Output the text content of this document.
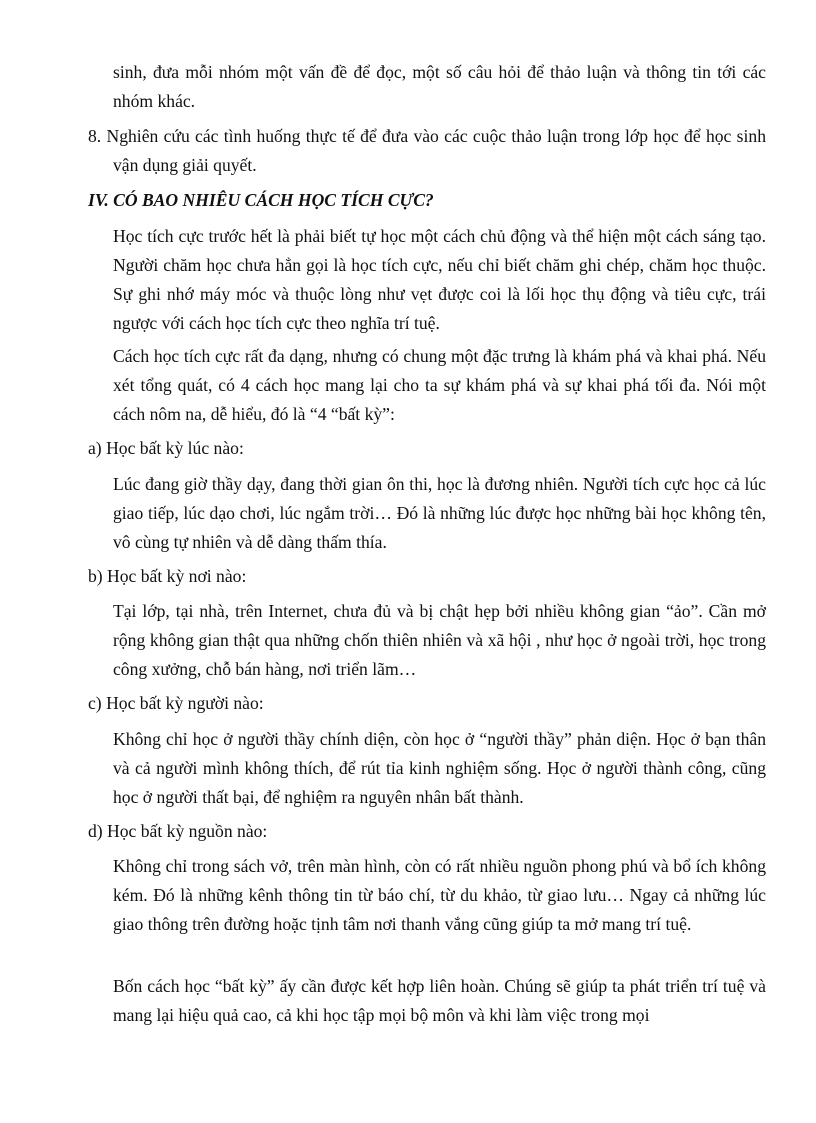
sinh, đưa mỗi nhóm một vấn đề để đọc, một số câu hỏi để thảo luận và thông tin tới các nhóm khác.

8. Nghiên cứu các tình huống thực tế để đưa vào các cuộc thảo luận trong lớp học để học sinh vận dụng giải quyết.

IV. CÓ BAO NHIÊU CÁCH HỌC TÍCH CỰC?

Học tích cực trước hết là phải biết tự học một cách chủ động và thể hiện một cách sáng tạo. Người chăm học chưa hẳn gọi là học tích cực, nếu chỉ biết chăm ghi chép, chăm học thuộc. Sự ghi nhớ máy móc và thuộc lòng như vẹt được coi là lối học thụ động và tiêu cực, trái ngược với cách học tích cực theo nghĩa trí tuệ.

Cách học tích cực rất đa dạng, nhưng có chung một đặc trưng là khám phá và khai phá. Nếu xét tổng quát, có 4 cách học mang lại cho ta sự khám phá và sự khai phá tối đa. Nói một cách nôm na, dễ hiểu, đó là “4 “bất kỳ”:

a) Học bất kỳ lúc nào:

Lúc đang giờ thầy dạy, đang thời gian ôn thi, học là đương nhiên. Người tích cực học cả lúc giao tiếp, lúc dạo chơi, lúc ngắm trời… Đó là những lúc được học những bài học không tên, vô cùng tự nhiên và dễ dàng thấm thía.

b) Học bất kỳ nơi nào:

Tại lớp, tại nhà, trên Internet, chưa đủ và bị chật hẹp bởi nhiều không gian “ảo”. Cần mở rộng không gian thật qua những chốn thiên nhiên và xã hội , như học ở ngoài trời, học trong công xưởng, chỗ bán hàng, nơi triển lãm…

c) Học bất kỳ người nào:

Không chỉ học ở người thầy chính diện, còn học ở “người thầy” phản diện. Học ở bạn thân và cả người mình không thích, để rút tỉa kinh nghiệm sống. Học ở người thành công, cũng học ở người thất bại, để nghiệm ra nguyên nhân bất thành.

d) Học bất kỳ nguồn nào:

Không chỉ trong sách vở, trên màn hình, còn có rất nhiều nguồn phong phú và bổ ích không kém. Đó là những kênh thông tin từ báo chí, từ du khảo, từ giao lưu… Ngay cả những lúc giao thông trên đường hoặc tịnh tâm nơi thanh vắng cũng giúp ta mở mang trí tuệ.

Bốn cách học “bất kỳ” ấy cần được kết hợp liên hoàn. Chúng sẽ giúp ta phát triển trí tuệ và mang lại hiệu quả cao, cả khi học tập mọi bộ môn và khi làm việc trong mọi
